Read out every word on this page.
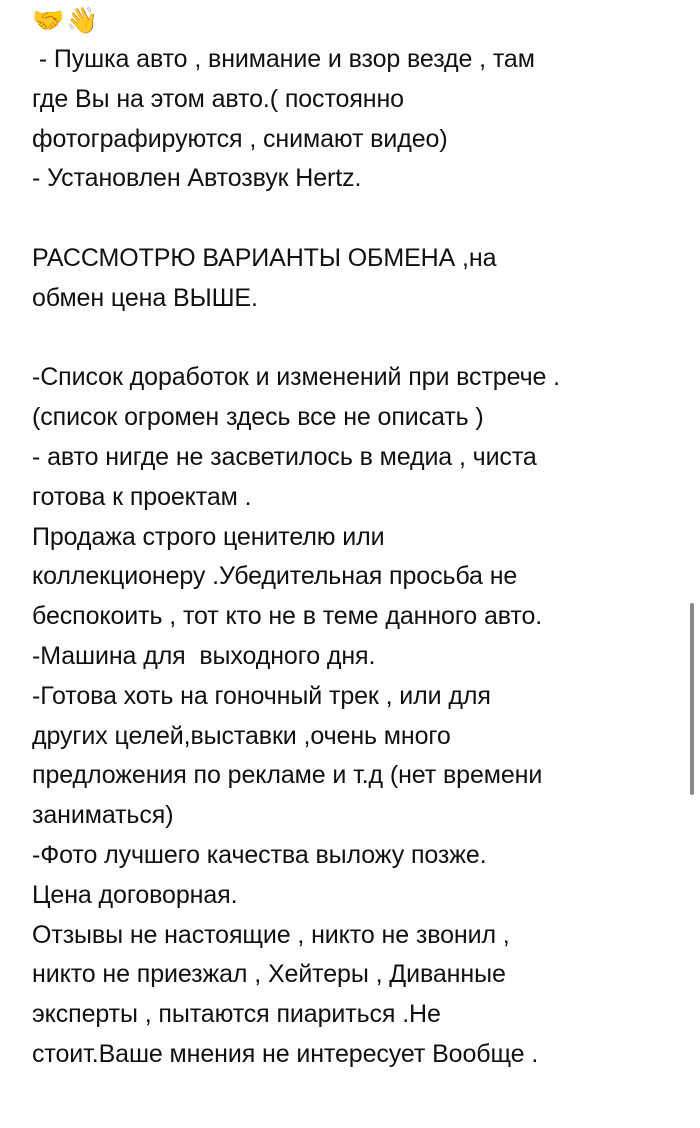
🤝 👋
- Пушка авто , внимание и взор везде , там
где Вы на этом авто.( постоянно
фотографируются , снимают видео)
- Установлен Автозвук Hertz.
РАССМОТРЮ ВАРИАНТЫ ОБМЕНА ,на
обмен цена ВЫШЕ.
-Список доработок и изменений при встрече .
(список огромен здесь все не описать )
- авто нигде не засветилось в медиа , чиста
готова к проектам .
Продажа строго ценителю или
коллекционеру .Убедительная просьба не
беспокоить , тот кто не в теме данного авто.
-Машина для  выходного дня.
-Готова хоть на гоночный трек , или для
других целей,выставки ,очень много
предложения по рекламе и т.д (нет времени
заниматься)
-Фото лучшего качества выложу позже.
Цена договорная.
Отзывы не настоящие , никто не звонил ,
никто не приезжал , Хейтеры , Диванные
эксперты , пытаются пиариться .Не
стоит.Ваше мнения не интересует Вообще .
